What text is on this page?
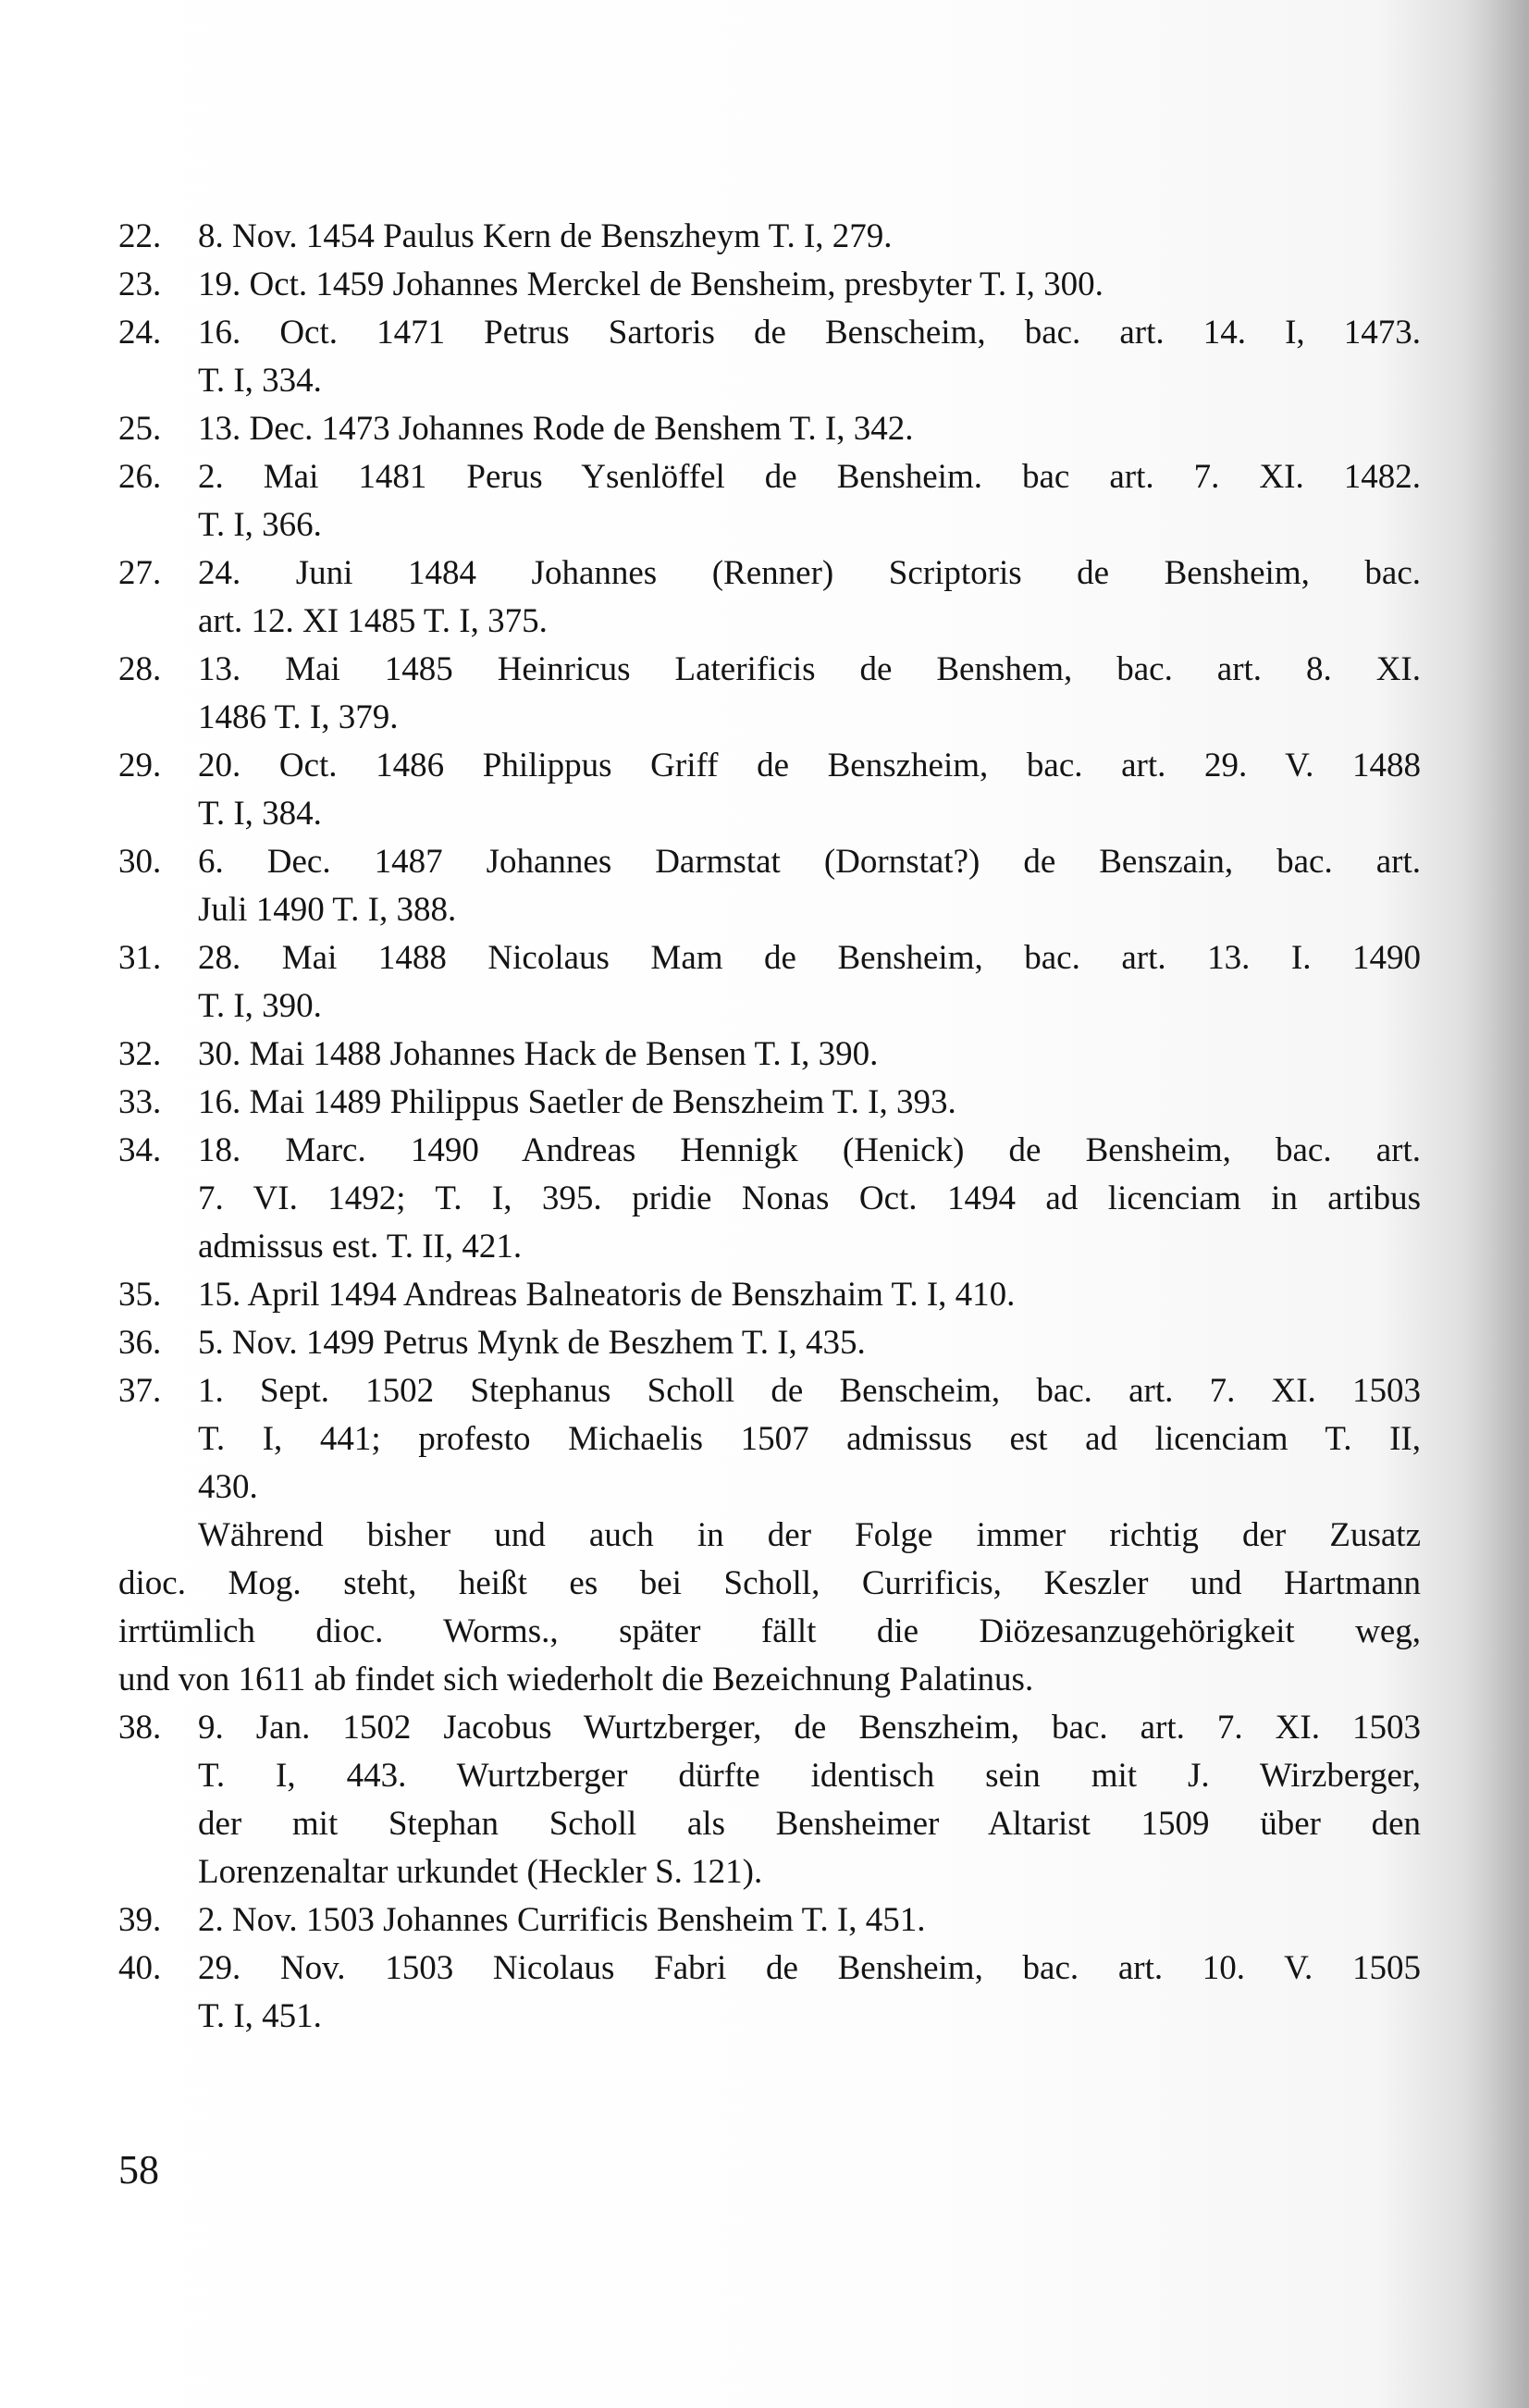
22.	8. Nov. 1454 Paulus Kern de Benszheym T. I, 279.
23.	19. Oct. 1459 Johannes Merckel de Bensheim, presbyter T. I, 300.
24.	16. Oct. 1471 Petrus Sartoris de Benscheim, bac. art. 14. I, 1473.
T. I, 334.
25.	13. Dec. 1473 Johannes Rode de Benshem T. I, 342.
26.	2. Mai 1481 Perus Ysenlöffel de Bensheim. bac art. 7. XI. 1482.
T. I, 366.
27.	24. Juni 1484 Johannes (Renner) Scriptoris de Bensheim, bac.
art. 12. XI 1485 T. I, 375.
28.	13. Mai 1485 Heinricus Laterificis de Benshem, bac. art. 8. XI.
1486 T. I, 379.
29.	20. Oct. 1486 Philippus Griff de Benszheim, bac. art. 29. V. 1488
T. I, 384.
30.	6. Dec. 1487 Johannes Darmstat (Dornstat?) de Benszain, bac. art.
Juli 1490 T. I, 388.
31.	28. Mai 1488 Nicolaus Mam de Bensheim, bac. art. 13. I. 1490
T. I, 390.
32.	30. Mai 1488 Johannes Hack de Bensen T. I, 390.
33.	16. Mai 1489 Philippus Saetler de Benszheim T. I, 393.
34.	18. Marc. 1490 Andreas Hennigk (Henick) de Bensheim, bac. art.
7. VI. 1492; T. I, 395. pridie Nonas Oct. 1494 ad licenciam in artibus
admissus est. T. II, 421.
35.	15. April 1494 Andreas Balneatoris de Benszhaim T. I, 410.
36.	5. Nov. 1499 Petrus Mynk de Beszhem T. I, 435.
37.	1. Sept. 1502 Stephanus Scholl de Benscheim, bac. art. 7. XI. 1503
T. I, 441; profesto Michaelis 1507 admissus est ad licenciam T. II,
430.
Während bisher und auch in der Folge immer richtig der Zusatz
dioc. Mog. steht, heißt es bei Scholl, Currificis, Keszler und Hartmann
irrtümlich dioc. Worms., später fällt die Diözesanzugehörigkeit weg,
und von 1611 ab findet sich wiederholt die Bezeichnung Palatinus.
38.	9. Jan. 1502 Jacobus Wurtzberger, de Benszheim, bac. art. 7. XI. 1503
T. I, 443. Wurtzberger dürfte identisch sein mit J. Wirzberger,
der mit Stephan Scholl als Bensheimer Altarist 1509 über den
Lorenzenaltar urkundet (Heckler S. 121).
39.	2. Nov. 1503 Johannes Currificis Bensheim T. I, 451.
40.	29. Nov. 1503 Nicolaus Fabri de Bensheim, bac. art. 10. V. 1505
T. I, 451.
58
